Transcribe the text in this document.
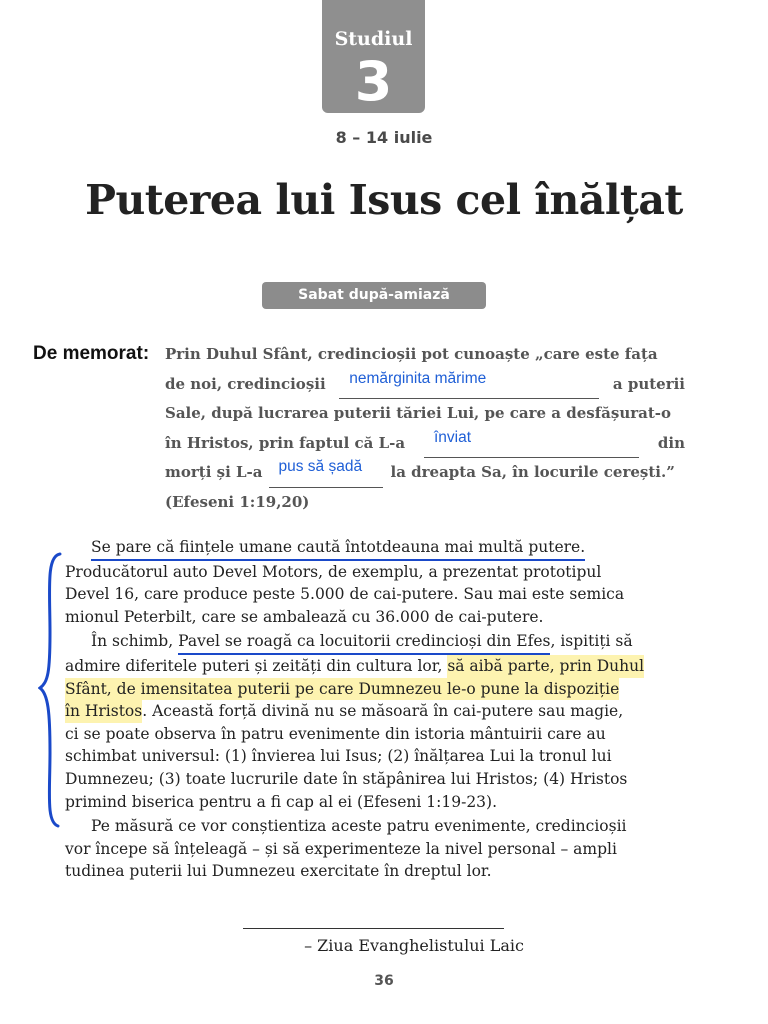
Studiul
3
8 – 14 iulie
Puterea lui Isus cel înălțat
Sabat după-amiază
De memorat: Prin Duhul Sfânt, credincioșii pot cunoaște „care este fața
de noi, credincioșii	nemărginita mărime	a puterii
Sale, după lucrarea puterii tăriei Lui, pe care a desfășurat-o
în Hristos, prin faptul că L-a	înviat	din
morți și L-a	pus să șadă	la dreapta Sa, în locurile cerești.”
(Efeseni 1:19,20)

Se pare că ființele umane caută întotdeauna mai multă putere.
Producătorul auto Devel Motors, de exemplu, a prezentat prototipul
Devel 16, care produce peste 5.000 de cai-putere. Sau mai este semica
mionul Peterbilt, care se ambalează cu 36.000 de cai-putere.

În schimb, Pavel se roagă ca locuitorii credincioși din Efes , ispitiți să
admire diferitele puteri și zeități din cultura lor, să aibă parte, prin Duhul
Sfânt, de imensitatea puterii pe care Dumnezeu le-o pune la dispoziție
în Hristos . Această forță divină nu se măsoară în cai-putere sau magie,
ci se poate observa în patru evenimente din istoria mântuirii care au
schimbat universul: (1) învierea lui Isus; (2) înălțarea Lui la tronul lui
Dumnezeu; (3) toate lucrurile date în stăpânirea lui Hristos; (4) Hristos
primind biserica pentru a fi cap al ei (Efeseni 1:19-23).

Pe măsură ce vor conștientiza aceste patru evenimente, credincioșii
vor începe să înțeleagă – și să experimenteze la nivel personal – ampli
tudinea puterii lui Dumnezeu exercitate în dreptul lor.

– Ziua Evanghelistului Laic
36
